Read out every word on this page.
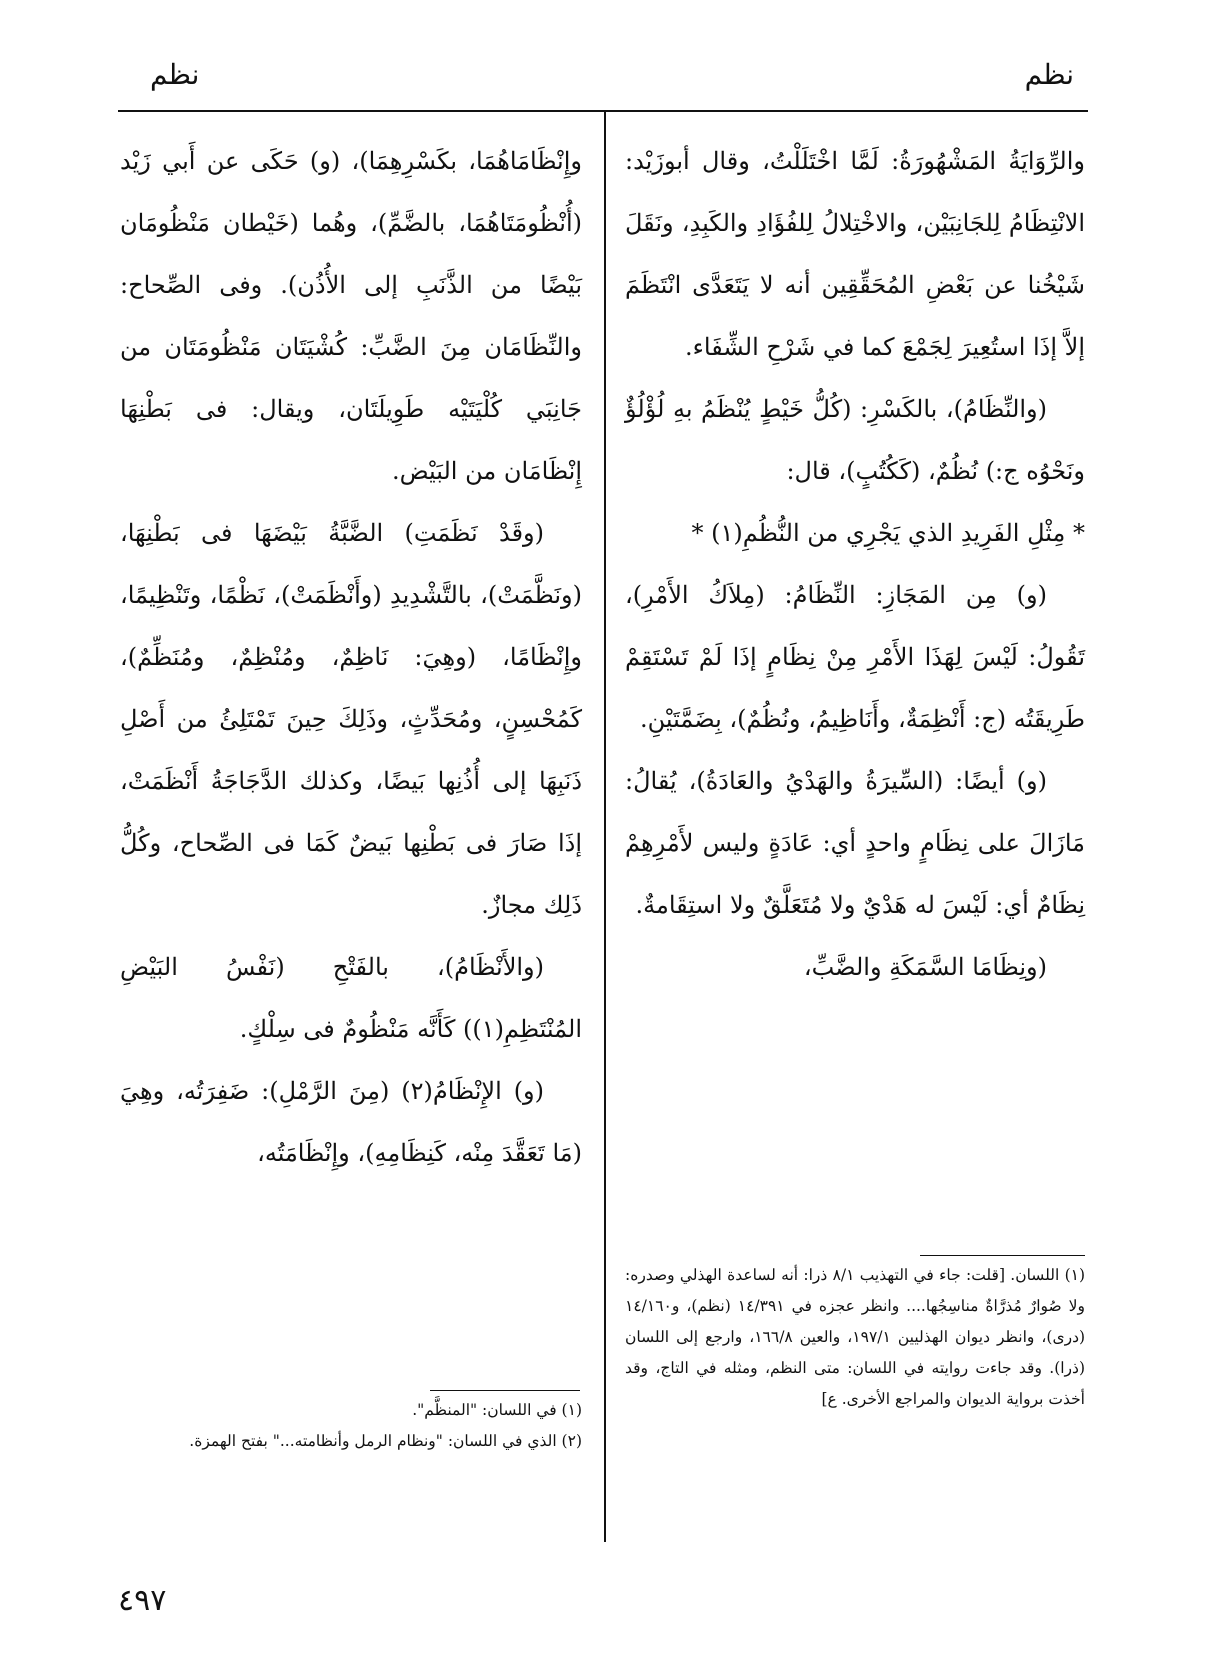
نظم
نظم

والرِّوَايَةُ المَشْهُورَةُ: لَمَّا اخْتَلَلْتُ، وقال أبوزَيْد: الانْتِظَامُ لِلجَانِبَيْن، والاخْتِلالُ لِلفُؤَادِ والكَبِدِ، ونَقَلَ شَيْخُنا عن بَعْضِ المُحَقِّقِين أنه لا يَتَعَدَّى انْتَظَمَ إلاَّ إذَا استُعِيرَ لِجَمْعَ كما في شَرْحِ الشِّفَاء.

(والنِّظَامُ)، بالكَسْرِ: (كُلُّ خَيْطٍ يُنْظَمُ بهِ لُؤْلُؤٌ ونَحْوُه ج:) نُظُمٌ، (كَكُتُبٍ)، قال:

* مِثْلِ الفَرِيدِ الذي يَجْرِي من النُّظُمِ(١) *

(و) مِن المَجَازِ: النِّظَامُ: (مِلاَكُ الأَمْرِ)، تَقُولُ: لَيْسَ لِهَذَا الأَمْرِ مِنْ نِظَامٍ إذَا لَمْ تَسْتَقِمْ طَرِيقَتُه (ج: أَنْظِمَةٌ، وأَنَاظِيمُ، ونُظُمٌ)، بِضَمَّتَيْنِ.

(و) أيضًا: (السِّيرَةُ والهَدْيُ والعَادَةُ)، يُقالُ: مَازَالَ على نِظَامٍ واحدٍ أي: عَادَةٍ وليس لأَمْرِهِمْ نِظَامٌ أي: لَيْسَ له هَدْيٌ ولا مُتَعَلَّقٌ ولا استِقَامةٌ.

(ونِظَامَا السَّمَكَةِ والضَّبِّ،

(١) اللسان. [قلت: جاء في التهذيب ٨/١ ذرا: أنه لساعدة الهذلي وصدره: ولا صُوارٌ مُذرَّاةٌ مناسِجُها.... وانظر عجزه في ١٤/٣٩١ (نظم)، و١٤/١٦٠ (درى)، وانظر ديوان الهذليين ١٩٧/١، والعين ١٦٦/٨، وارجع إلى اللسان (ذرا). وقد جاءت روايته في اللسان: متى النظم، ومثله في التاج، وقد أخذت برواية الديوان والمراجع الأخرى. ع]

وإِنْظَامَاهُمَا، بكَسْرِهِمَا)، (و) حَكَى عن أَبي زَيْد (أُنْظُومَتَاهُمَا، بالضَّمِّ)، وهُما (خَيْطان مَنْظُومَان بَيْضًا من الذَّنَبِ إلى الأُذُن). وفى الصِّحاح: والنِّظَامَان مِنَ الضَّبِّ: كُشْيَتَان مَنْظُومَتَان من جَانِبَي كُلْيَتَيْه طَوِيلَتَان، ويقال: فى بَطْنِهَا إِنْظَامَان من البَيْض.

(وقَدْ نَظَمَتِ) الضَّبَّةُ بَيْضَهَا فى بَطْنِهَا، (ونَظَّمَتْ)، بالتَّشْدِيدِ (وأَنْظَمَتْ)، نَظْمًا، وتَنْظِيمًا، وإِنْظَامًا، (وهِيَ: نَاظِمٌ، ومُنْظِمٌ، ومُنَظِّمٌ)، كَمُحْسِنٍ، ومُحَدِّثٍ، وذَلِكَ حِينَ تَمْتَلِئُ من أَصْلِ ذَنَبِهَا إلى أُذُنِها بَيضًا، وكذلك الدَّجَاجَةُ أَنْظَمَتْ، إذَا صَارَ فى بَطْنِها بَيضٌ كَمَا فى الصِّحاح، وكُلُّ ذَلِك مجازٌ.

(والأَنْظَامُ)، بالفَتْحِ (نَفْسُ البَيْضِ المُنْتَظِمِ(١)) كَأَنَّه مَنْظُومٌ فى سِلْكٍ.

(و) الإِنْظَامُ(٢) (مِنَ الرَّمْلِ): ضَفِرَتُه، وهِيَ (مَا تَعَقَّدَ مِنْه، كَنِظَامِهِ)، وإِنْظَامَتُه،

(١) في اللسان: "المنظَّم".

(٢) الذي في اللسان: "ونظام الرمل وأنظامته..." بفتح الهمزة.

٤٩٧
